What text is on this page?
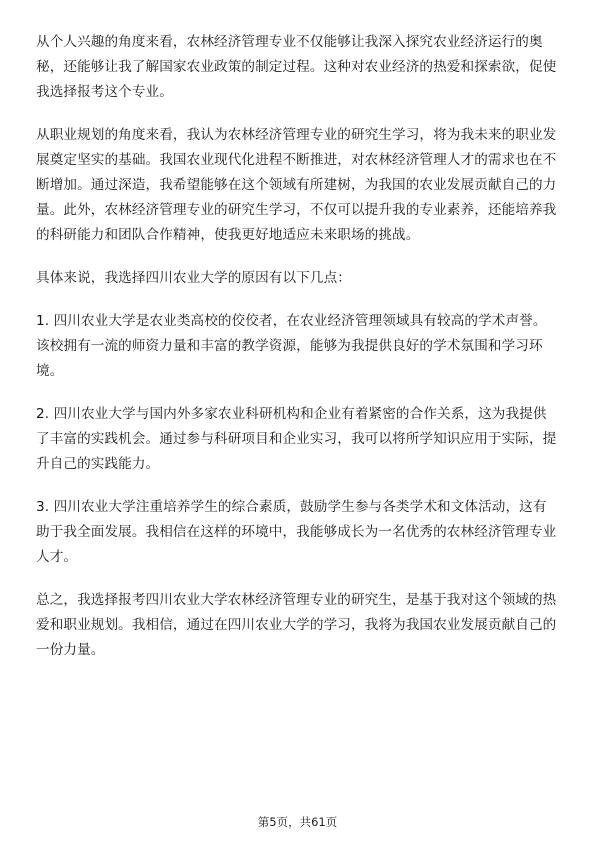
从个人兴趣的角度来看，农林经济管理专业不仅能够让我深入探究农业经济运行的奥秘，还能够让我了解国家农业政策的制定过程。这种对农业经济的热爱和探索欲，促使我选择报考这个专业。

从职业规划的角度来看，我认为农林经济管理专业的研究生学习，将为我未来的职业发展奠定坚实的基础。我国农业现代化进程不断推进，对农林经济管理人才的需求也在不断增加。通过深造，我希望能够在这个领域有所建树，为我国的农业发展贡献自己的力量。此外，农林经济管理专业的研究生学习，不仅可以提升我的专业素养，还能培养我的科研能力和团队合作精神，使我更好地适应未来职场的挑战。

具体来说，我选择四川农业大学的原因有以下几点：

1. 四川农业大学是农业类高校的佼佼者，在农业经济管理领域具有较高的学术声誉。该校拥有一流的师资力量和丰富的教学资源，能够为我提供良好的学术氛围和学习环境。

2. 四川农业大学与国内外多家农业科研机构和企业有着紧密的合作关系，这为我提供了丰富的实践机会。通过参与科研项目和企业实习，我可以将所学知识应用于实际，提升自己的实践能力。

3. 四川农业大学注重培养学生的综合素质，鼓励学生参与各类学术和文体活动，这有助于我全面发展。我相信在这样的环境中，我能够成长为一名优秀的农林经济管理专业人才。

总之，我选择报考四川农业大学农林经济管理专业的研究生，是基于我对这个领域的热爱和职业规划。我相信，通过在四川农业大学的学习，我将为我国农业发展贡献自己的一份力量。

第5页，共61页
